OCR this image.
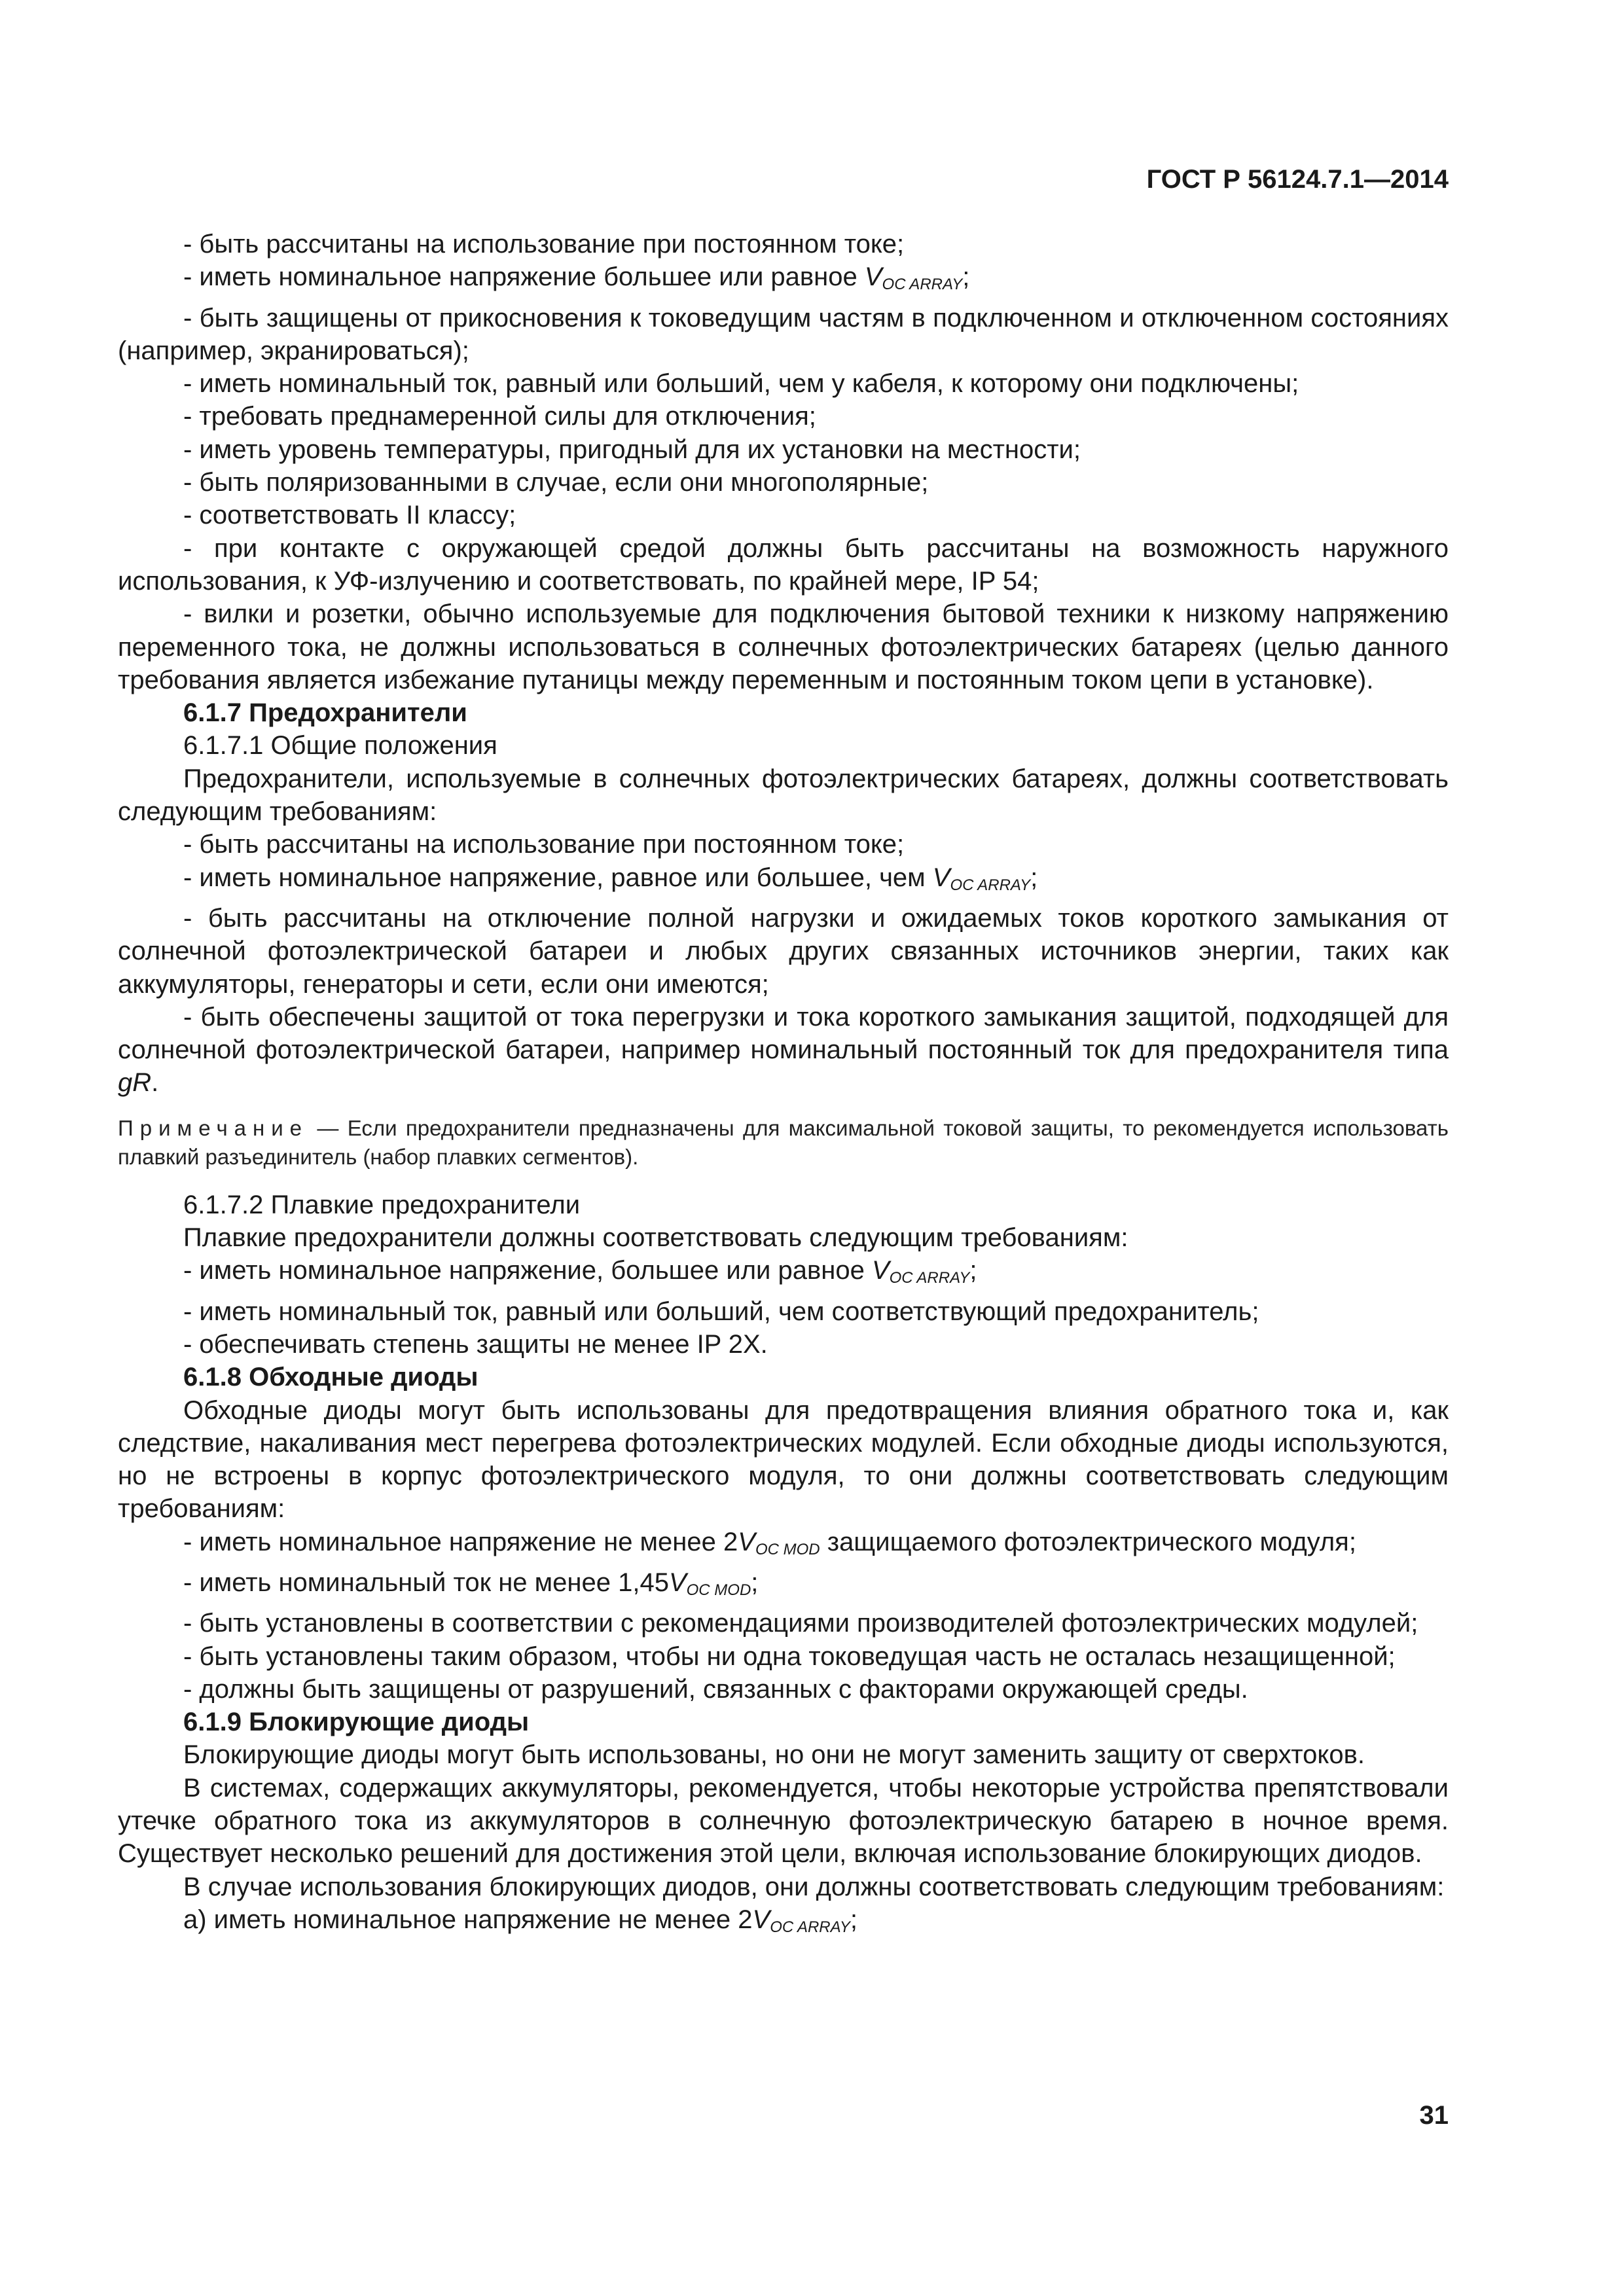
ГОСТ Р 56124.7.1—2014

- быть рассчитаны на использование при постоянном токе;

- иметь номинальное напряжение большее или равное $V_{OC ARRAY}$;

- быть защищены от прикосновения к токоведущим частям в подключенном и отключенном состояниях (например, экранироваться);

- иметь номинальный ток, равный или больший, чем у кабеля, к которому они подключены;

- требовать преднамеренной силы для отключения;

- иметь уровень температуры, пригодный для их установки на местности;

- быть поляризованными в случае, если они многополярные;

- соответствовать II классу;

- при контакте с окружающей средой должны быть рассчитаны на возможность наружного использования, к УФ-излучению и соответствовать, по крайней мере, IP 54;

- вилки и розетки, обычно используемые для подключения бытовой техники к низкому напряжению переменного тока, не должны использоваться в солнечных фотоэлектрических батареях (целью данного требования является избежание путаницы между переменным и постоянным током цепи в установке).

6.1.7 Предохранители

6.1.7.1 Общие положения

Предохранители, используемые в солнечных фотоэлектрических батареях, должны соответствовать следующим требованиям:

- быть рассчитаны на использование при постоянном токе;

- иметь номинальное напряжение, равное или большее, чем $V_{OC ARRAY}$;

- быть рассчитаны на отключение полной нагрузки и ожидаемых токов короткого замыкания от солнечной фотоэлектрической батареи и любых других связанных источников энергии, таких как аккумуляторы, генераторы и сети, если они имеются;

- быть обеспечены защитой от тока перегрузки и тока короткого замыкания защитой, подходящей для солнечной фотоэлектрической батареи, например номинальный постоянный ток для предохранителя типа gR.

Примечание — Если предохранители предназначены для максимальной токовой защиты, то рекомендуется использовать плавкий разъединитель (набор плавких сегментов).

6.1.7.2 Плавкие предохранители

Плавкие предохранители должны соответствовать следующим требованиям:

- иметь номинальное напряжение, большее или равное $V_{OC ARRAY}$;

- иметь номинальный ток, равный или больший, чем соответствующий предохранитель;

- обеспечивать степень защиты не менее IP 2X.

6.1.8 Обходные диоды

Обходные диоды могут быть использованы для предотвращения влияния обратного тока и, как следствие, накаливания мест перегрева фотоэлектрических модулей. Если обходные диоды используются, но не встроены в корпус фотоэлектрического модуля, то они должны соответствовать следующим требованиям:

- иметь номинальное напряжение не менее $2V_{OC MOD}$ защищаемого фотоэлектрического модуля;

- иметь номинальный ток не менее $1,45V_{OC MOD}$;

- быть установлены в соответствии с рекомендациями производителей фотоэлектрических модулей;

- быть установлены таким образом, чтобы ни одна токоведущая часть не осталась незащищенной;

- должны быть защищены от разрушений, связанных с факторами окружающей среды.

6.1.9 Блокирующие диоды

Блокирующие диоды могут быть использованы, но они не могут заменить защиту от сверхтоков.

В системах, содержащих аккумуляторы, рекомендуется, чтобы некоторые устройства препятствовали утечке обратного тока из аккумуляторов в солнечную фотоэлектрическую батарею в ночное время. Существует несколько решений для достижения этой цели, включая использование блокирующих диодов.

В случае использования блокирующих диодов, они должны соответствовать следующим требованиям:

а) иметь номинальное напряжение не менее $2V_{OC ARRAY}$;

31
